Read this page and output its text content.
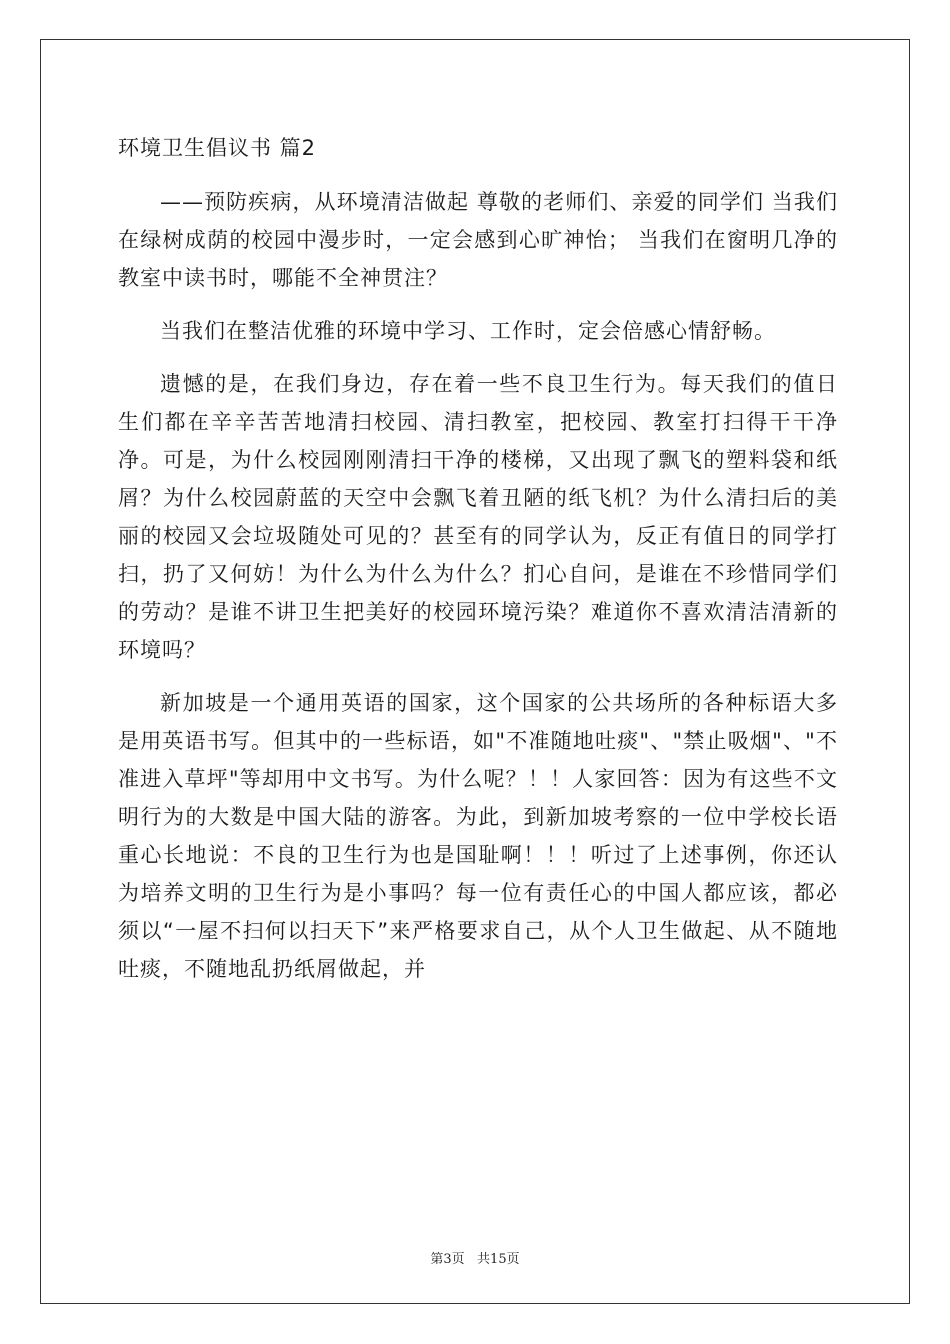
环境卫生倡议书 篇2

——预防疾病，从环境清洁做起 尊敬的老师们、亲爱的同学们 当我们在绿树成荫的校园中漫步时，一定会感到心旷神怡； 当我们在窗明几净的教室中读书时，哪能不全神贯注？

当我们在整洁优雅的环境中学习、工作时，定会倍感心情舒畅。

遗憾的是，在我们身边，存在着一些不良卫生行为。每天我们的值日生们都在辛辛苦苦地清扫校园、清扫教室，把校园、教室打扫得干干净净。可是，为什么校园刚刚清扫干净的楼梯，又出现了飘飞的塑料袋和纸屑？为什么校园蔚蓝的天空中会飘飞着丑陋的纸飞机？为什么清扫后的美丽的校园又会垃圾随处可见的？甚至有的同学认为，反正有值日的同学打扫，扔了又何妨！为什么为什么为什么？扪心自问，是谁在不珍惜同学们的劳动？是谁不讲卫生把美好的校园环境污染？难道你不喜欢清洁清新的环境吗？

新加坡是一个通用英语的国家，这个国家的公共场所的各种标语大多是用英语书写。但其中的一些标语，如"不准随地吐痰"、"禁止吸烟"、"不准进入草坪"等却用中文书写。为什么呢？！！人家回答：因为有这些不文明行为的大数是中国大陆的游客。为此，到新加坡考察的一位中学校长语重心长地说：不良的卫生行为也是国耻啊！！！听过了上述事例，你还认为培养文明的卫生行为是小事吗？每一位有责任心的中国人都应该，都必须以“一屋不扫何以扫天下”来严格要求自己，从个人卫生做起、从不随地吐痰，不随地乱扔纸屑做起，并

第3页   共15页
